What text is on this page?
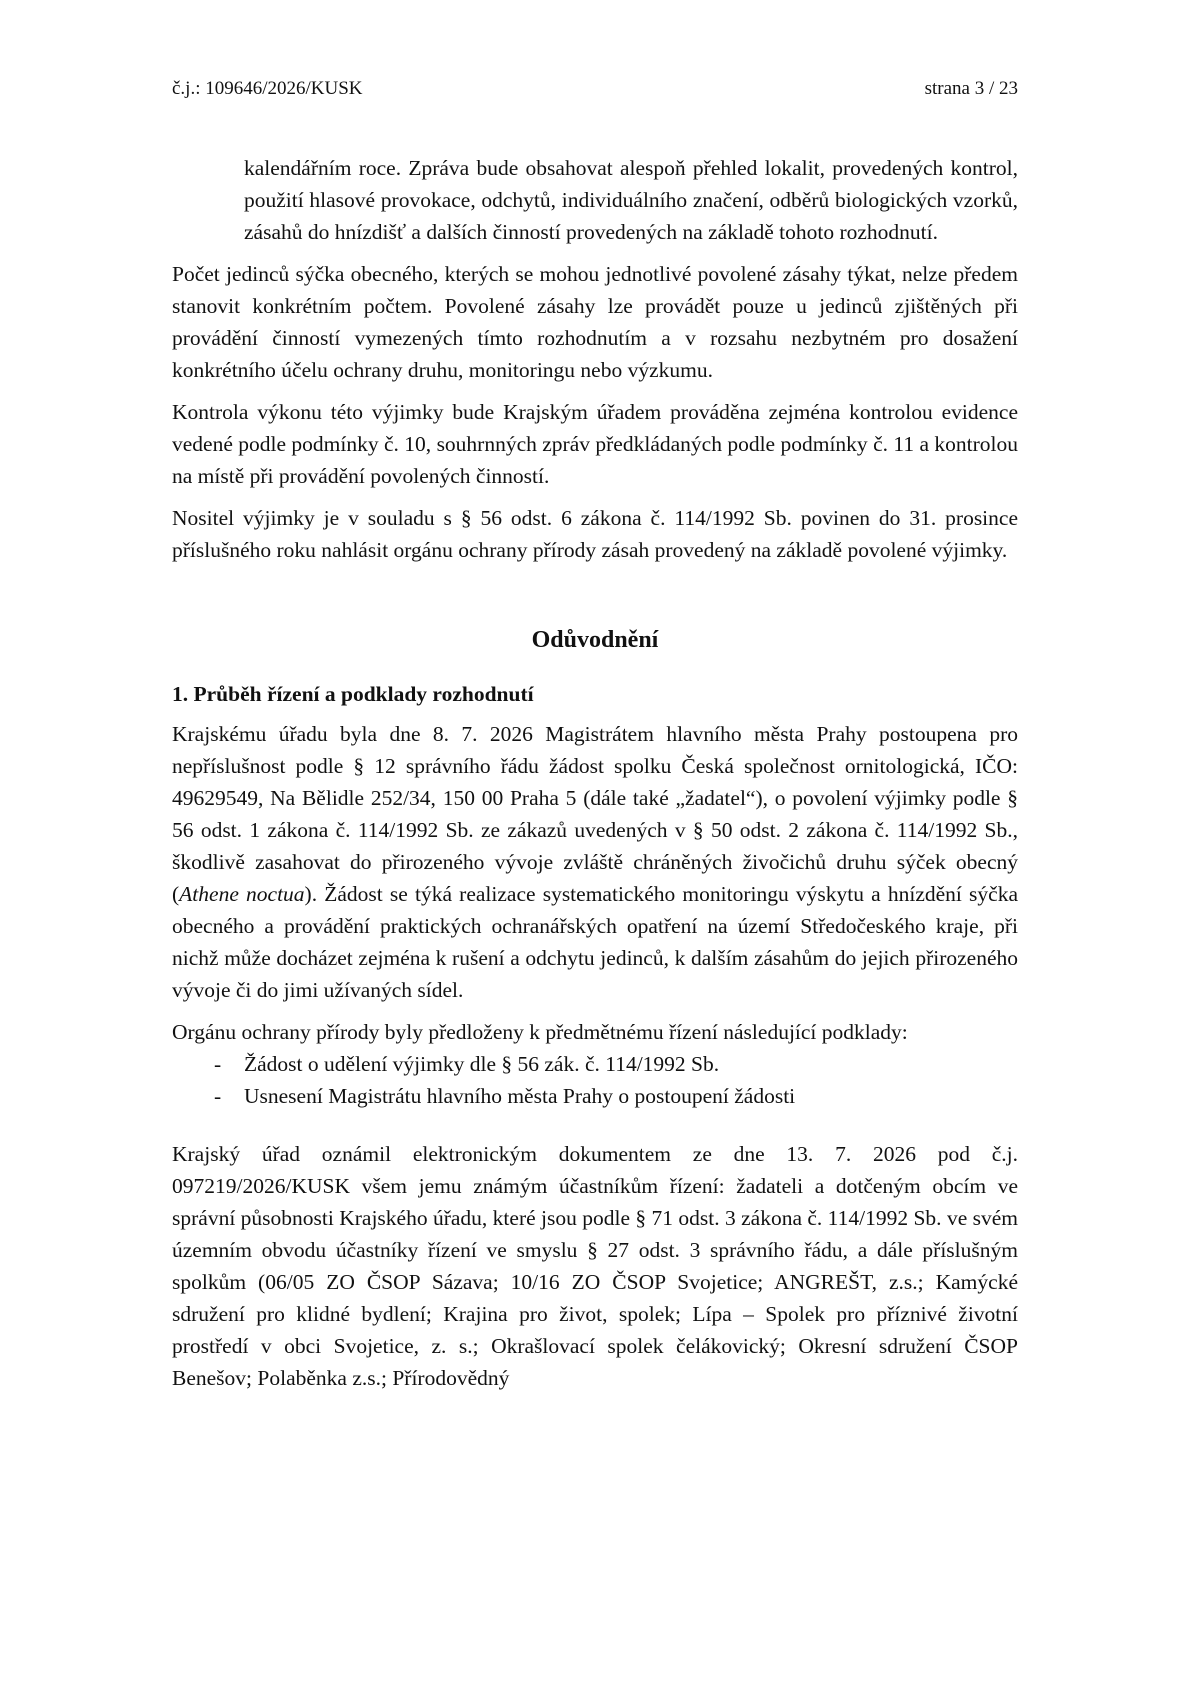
č.j.: 109646/2026/KUSK	strana 3 / 23

kalendářním roce. Zpráva bude obsahovat alespoň přehled lokalit, provedených kontrol, použití hlasové provokace, odchytů, individuálního značení, odběrů biologických vzorků, zásahů do hnízdišť a dalších činností provedených na základě tohoto rozhodnutí.

Počet jedinců sýčka obecného, kterých se mohou jednotlivé povolené zásahy týkat, nelze předem stanovit konkrétním počtem. Povolené zásahy lze provádět pouze u jedinců zjištěných při provádění činností vymezených tímto rozhodnutím a v rozsahu nezbytném pro dosažení konkrétního účelu ochrany druhu, monitoringu nebo výzkumu.

Kontrola výkonu této výjimky bude Krajským úřadem prováděna zejména kontrolou evidence vedené podle podmínky č. 10, souhrnných zpráv předkládaných podle podmínky č. 11 a kontrolou na místě při provádění povolených činností.

Nositel výjimky je v souladu s § 56 odst. 6 zákona č. 114/1992 Sb. povinen do 31. prosince příslušného roku nahlásit orgánu ochrany přírody zásah provedený na základě povolené výjimky.

Odůvodnění
1. Průběh řízení a podklady rozhodnutí

Krajskému úřadu byla dne 8. 7. 2026 Magistrátem hlavního města Prahy postoupena pro nepříslušnost podle § 12 správního řádu žádost spolku Česká společnost ornitologická, IČO: 49629549, Na Bělidle 252/34, 150 00 Praha 5 (dále také „žadatel“), o povolení výjimky podle § 56 odst. 1 zákona č. 114/1992 Sb. ze zákazů uvedených v § 50 odst. 2 zákona č. 114/1992 Sb., škodlivě zasahovat do přirozeného vývoje zvláště chráněných živočichů druhu sýček obecný (Athene noctua). Žádost se týká realizace systematického monitoringu výskytu a hnízdění sýčka obecného a provádění praktických ochranářských opatření na území Středočeského kraje, při nichž může docházet zejména k rušení a odchytu jedinců, k dalším zásahům do jejich přirozeného vývoje či do jimi užívaných sídel.

Orgánu ochrany přírody byly předloženy k předmětnému řízení následující podklady:

-	Žádost o udělení výjimky dle § 56 zák. č. 114/1992 Sb.
-	Usnesení Magistrátu hlavního města Prahy o postoupení žádosti

Krajský úřad oznámil elektronickým dokumentem ze dne 13. 7. 2026 pod č.j. 097219/2026/KUSK všem jemu známým účastníkům řízení: žadateli a dotčeným obcím ve správní působnosti Krajského úřadu, které jsou podle § 71 odst. 3 zákona č. 114/1992 Sb. ve svém územním obvodu účastníky řízení ve smyslu § 27 odst. 3 správního řádu, a dále příslušným spolkům (06/05 ZO ČSOP Sázava; 10/16 ZO ČSOP Svojetice; ANGREŠT, z.s.; Kamýcké sdružení pro klidné bydlení; Krajina pro život, spolek; Lípa – Spolek pro příznivé životní prostředí v obci Svojetice, z. s.; Okrašlovací spolek čelákovický; Okresní sdružení ČSOP Benešov; Polaběnka z.s.; Přírodovědný
